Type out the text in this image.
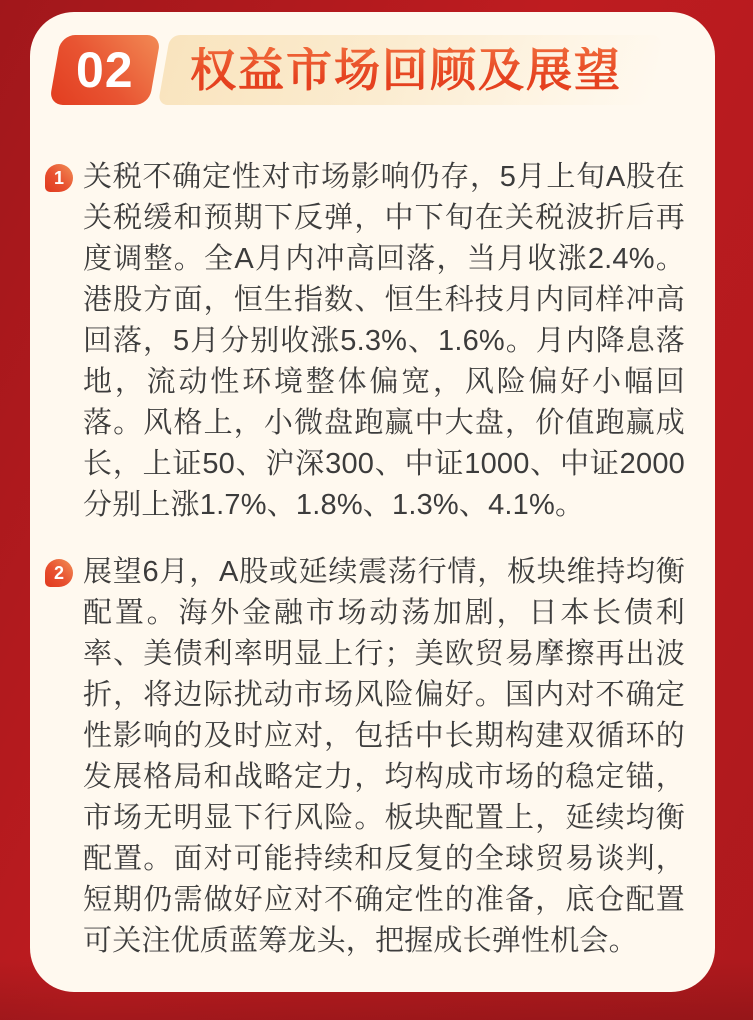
02 权益市场回顾及展望
1 关税不确定性对市场影响仍存，5月上旬A股在关税缓和预期下反弹，中下旬在关税波折后再度调整。全A月内冲高回落，当月收涨2.4%。港股方面，恒生指数、恒生科技月内同样冲高回落，5月分别收涨5.3%、1.6%。月内降息落地，流动性环境整体偏宽，风险偏好小幅回落。风格上，小微盘跑赢中大盘，价值跑赢成长，上证50、沪深300、中证1000、中证2000分别上涨1.7%、1.8%、1.3%、4.1%。
2 展望6月，A股或延续震荡行情，板块维持均衡配置。海外金融市场动荡加剧，日本长债利率、美债利率明显上行；美欧贸易摩擦再出波折，将边际扰动市场风险偏好。国内对不确定性影响的及时应对，包括中长期构建双循环的发展格局和战略定力，均构成市场的稳定锚，市场无明显下行风险。板块配置上，延续均衡配置。面对可能持续和反复的全球贸易谈判，短期仍需做好应对不确定性的准备，底仓配置可关注优质蓝筹龙头，把握成长弹性机会。
